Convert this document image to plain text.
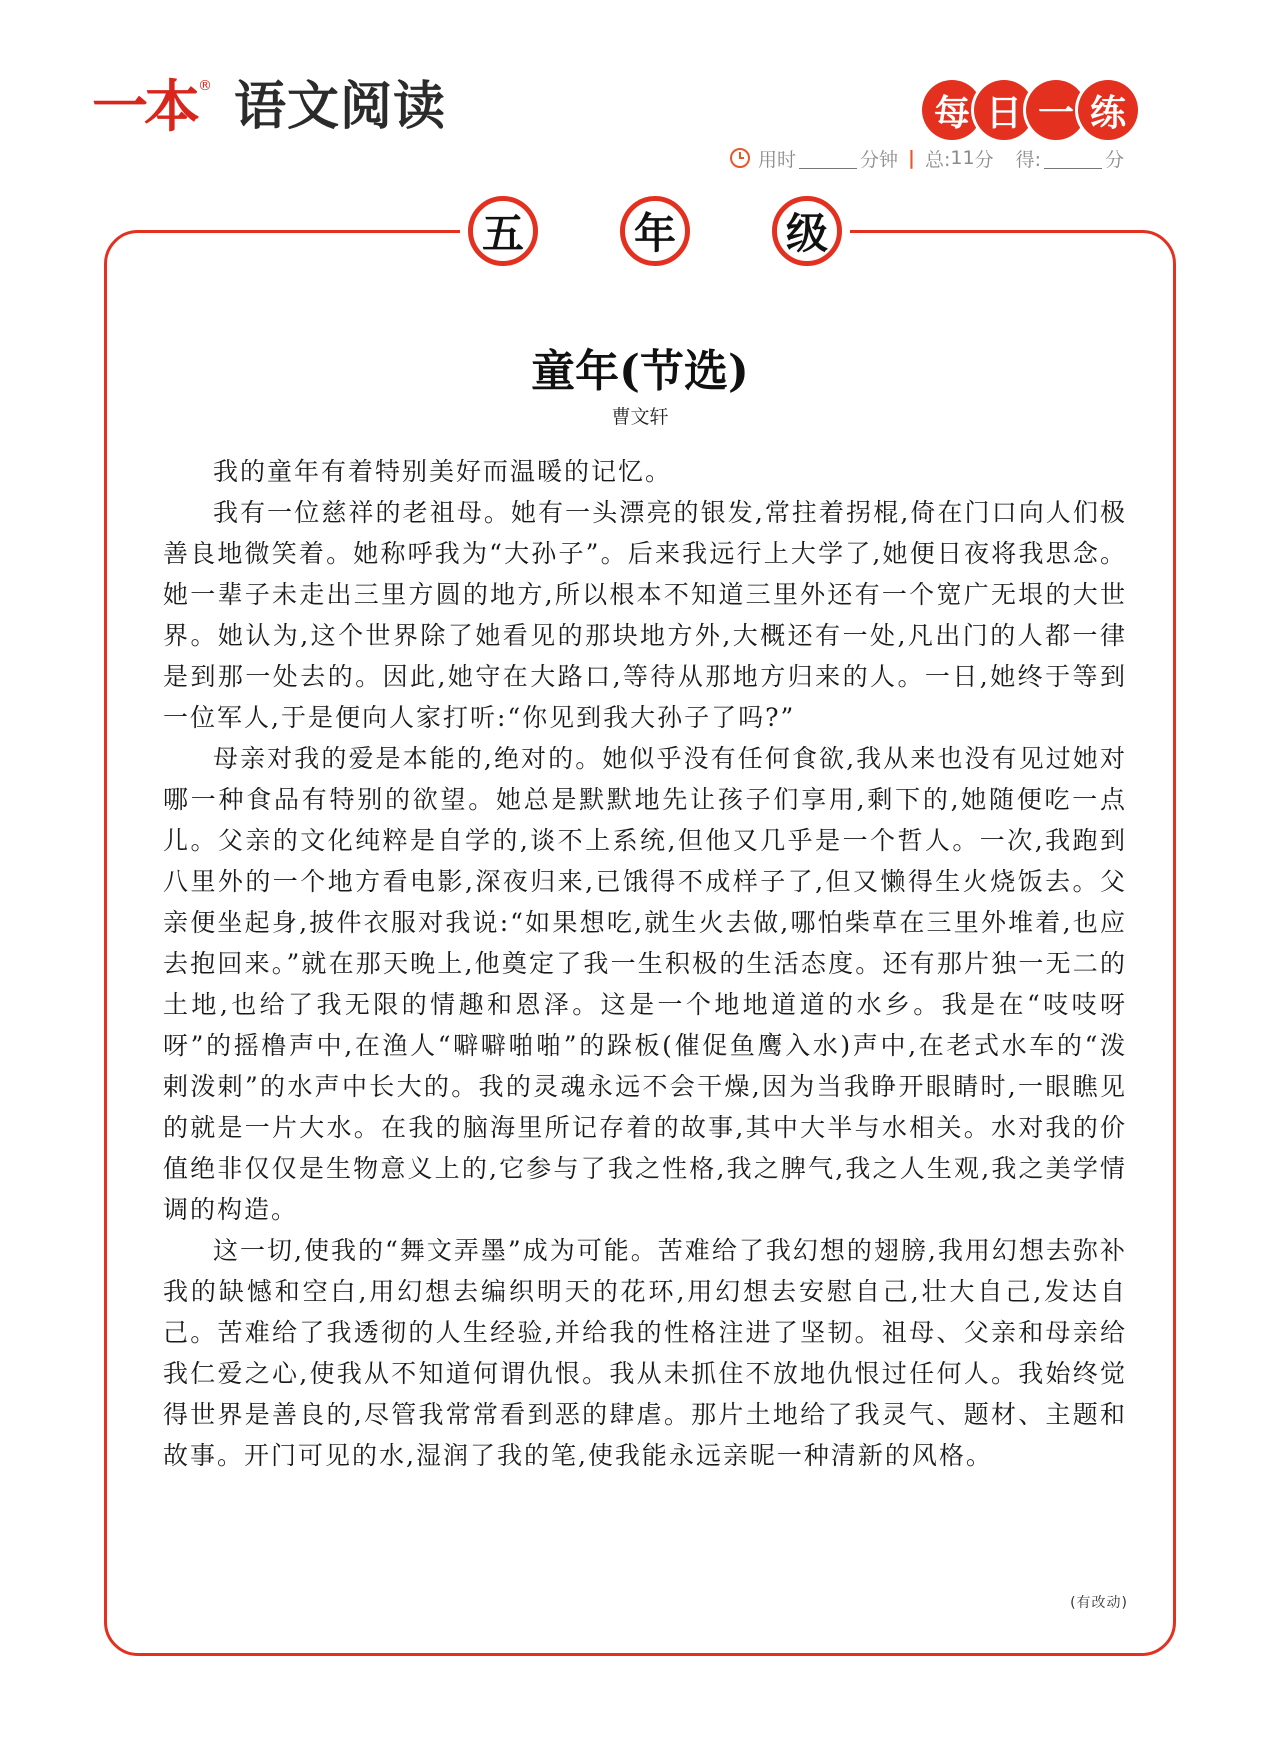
一本 ® 语文阅读	每 日 一 练
用时	分钟 | 总: 11 分 得:	分
五	年	级
童年(节选)
曹文轩

我的童年有着特别美好而温暖的记忆。

我有一位慈祥的老祖母。她有一头漂亮的银发,常拄着拐棍,倚在门口向人们极善良地微笑着。她称呼我为“大孙子”。后来我远行上大学了,她便日夜将我思念。她一辈子未走出三里方圆的地方,所以根本不知道三里外还有一个宽广无垠的大世界。她认为,这个世界除了她看见的那块地方外,大概还有一处,凡出门的人都一律是到那一处去的。因此,她守在大路口,等待从那地方归来的人。一日,她终于等到一位军人,于是便向人家打听:“你见到我大孙子了吗?”

母亲对我的爱是本能的,绝对的。她似乎没有任何食欲,我从来也没有见过她对哪一种食品有特别的欲望。她总是默默地先让孩子们享用,剩下的,她随便吃一点儿。父亲的文化纯粹是自学的,谈不上系统,但他又几乎是一个哲人。一次,我跑到八里外的一个地方看电影,深夜归来,已饿得不成样子了,但又懒得生火烧饭去。父亲便坐起身,披件衣服对我说:“如果想吃,就生火去做,哪怕柴草在三里外堆着,也应去抱回来。”就在那天晚上,他奠定了我一生积极的生活态度。还有那片独一无二的土地,也给了我无限的情趣和恩泽。这是一个地地道道的水乡。我是在“吱吱呀呀”的摇橹声中,在渔人“噼噼啪啪”的跺板(催促鱼鹰入水)声中,在老式水车的“泼剌泼剌”的水声中长大的。我的灵魂永远不会干燥,因为当我睁开眼睛时,一眼瞧见的就是一片大水。在我的脑海里所记存着的故事,其中大半与水相关。水对我的价值绝非仅仅是生物意义上的,它参与了我之性格,我之脾气,我之人生观,我之美学情调的构造。

这一切,使我的“舞文弄墨”成为可能。苦难给了我幻想的翅膀,我用幻想去弥补我的缺憾和空白,用幻想去编织明天的花环,用幻想去安慰自己,壮大自己,发达自己。苦难给了我透彻的人生经验,并给我的性格注进了坚韧。祖母、父亲和母亲给我仁爱之心,使我从不知道何谓仇恨。我从未抓住不放地仇恨过任何人。我始终觉得世界是善良的,尽管我常常看到恶的肆虐。那片土地给了我灵气、题材、主题和故事。开门可见的水,湿润了我的笔,使我能永远亲昵一种清新的风格。

(有改动)
